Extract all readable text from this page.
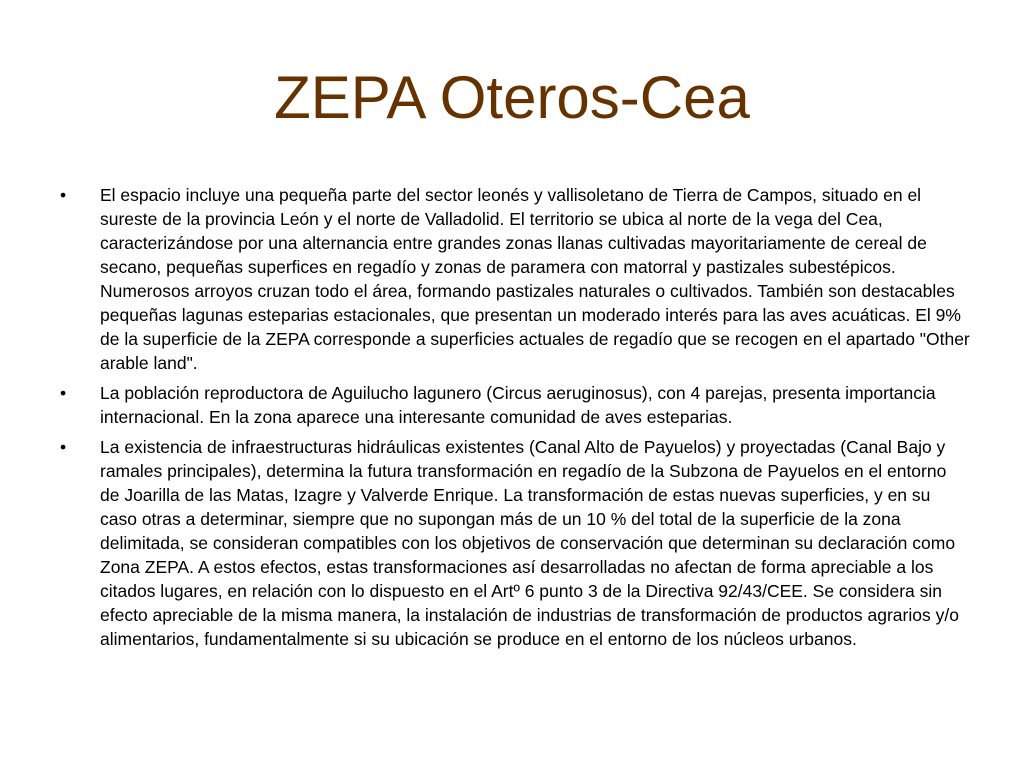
ZEPA Oteros-Cea
•	El espacio incluye una pequeña parte del sector leonés y vallisoletano de Tierra de Campos, situado en el sureste de la provincia León y el norte de Valladolid. El territorio se ubica al norte de la vega del Cea, caracterizándose por una alternancia entre grandes zonas llanas cultivadas mayoritariamente de cereal de secano, pequeñas superfices en regadío y zonas de paramera con matorral y pastizales subestépicos. Numerosos arroyos cruzan todo el área, formando pastizales naturales o cultivados. También son destacables pequeñas lagunas esteparias estacionales, que presentan un moderado interés para las aves acuáticas. El 9% de la superficie de la ZEPA corresponde a superficies actuales de regadío que se recogen en el apartado "Other arable land".
•	La población reproductora de Aguilucho lagunero (Circus aeruginosus), con 4 parejas, presenta importancia internacional. En la zona aparece una interesante comunidad de aves esteparias.
•	La existencia de infraestructuras hidráulicas existentes (Canal Alto de Payuelos) y proyectadas (Canal Bajo y ramales principales), determina la futura transformación en regadío de la Subzona de Payuelos en el entorno de Joarilla de las Matas, Izagre y Valverde Enrique. La transformación de estas nuevas superficies, y en su caso otras a determinar, siempre que no supongan más de un 10 % del total de la superficie de la zona delimitada, se consideran compatibles con los objetivos de conservación que determinan su declaración como Zona ZEPA. A estos efectos, estas transformaciones así desarrolladas no afectan de forma apreciable a los citados lugares, en relación con lo dispuesto en el Artº 6 punto 3 de la Directiva 92/43/CEE. Se considera sin efecto apreciable de la misma manera, la instalación de industrias de transformación de productos agrarios y/o alimentarios, fundamentalmente si su ubicación se produce en el entorno de los núcleos urbanos.
